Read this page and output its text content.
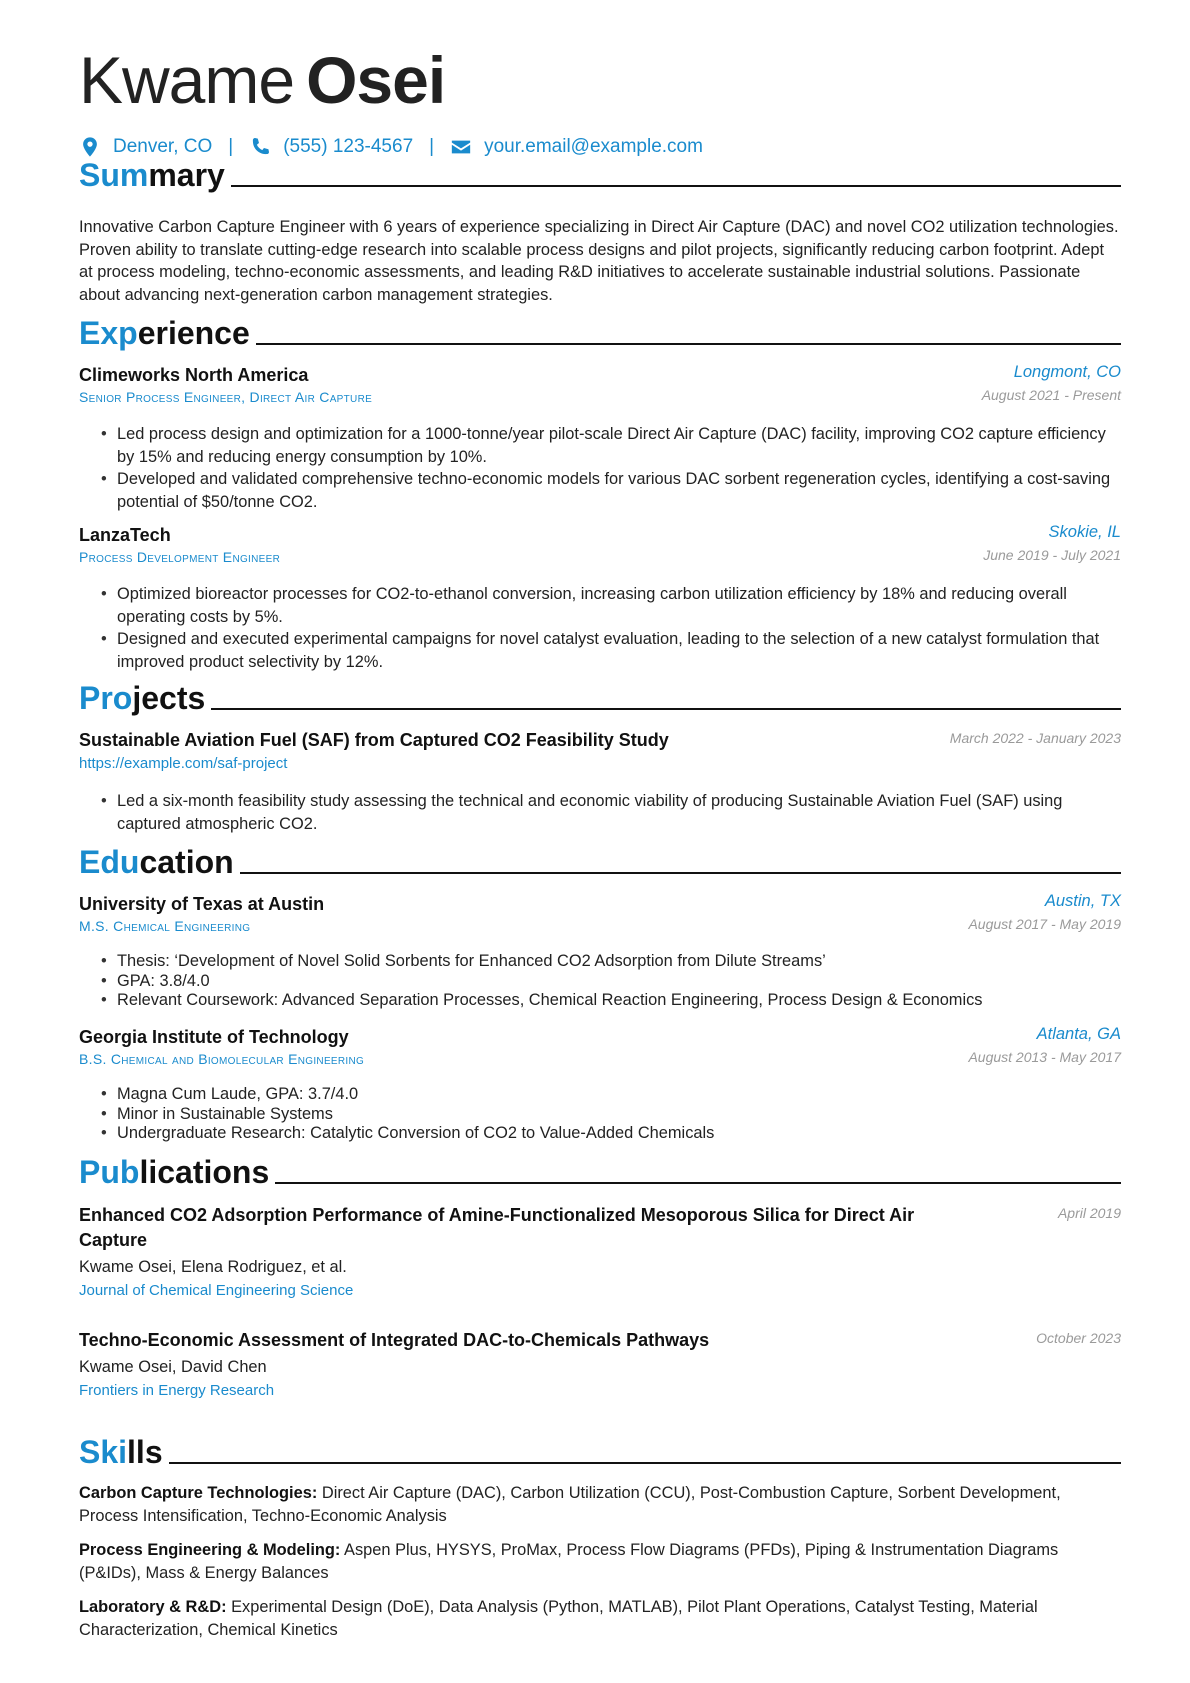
Kwame Osei
Denver, CO |	(555) 123-4567 |	your.email@example.com
Summary
Innovative Carbon Capture Engineer with 6 years of experience specializing in Direct Air Capture (DAC) and novel CO2 utilization technologies. Proven ability to translate cutting-edge research into scalable process designs and pilot projects, significantly reducing carbon footprint. Adept at process modeling, techno-economic assessments, and leading R&D initiatives to accelerate sustainable industrial solutions. Passionate about advancing next-generation carbon management strategies.
Experience
Climeworks North America	Longmont, CO
Senior Process Engineer, Direct Air Capture	August 2021 - Present
• Led process design and optimization for a 1000-tonne/year pilot-scale Direct Air Capture (DAC) facility, improving CO2 capture efficiency by 15% and reducing energy consumption by 10%.
• Developed and validated comprehensive techno-economic models for various DAC sorbent regeneration cycles, identifying a cost-saving potential of $50/tonne CO2.
LanzaTech	Skokie, IL
Process Development Engineer	June 2019 - July 2021
• Optimized bioreactor processes for CO2-to-ethanol conversion, increasing carbon utilization efficiency by 18% and reducing overall operating costs by 5%.
• Designed and executed experimental campaigns for novel catalyst evaluation, leading to the selection of a new catalyst formulation that improved product selectivity by 12%.
Projects
Sustainable Aviation Fuel (SAF) from Captured CO2 Feasibility Study	March 2022 - January 2023
https://example.com/saf-project
• Led a six-month feasibility study assessing the technical and economic viability of producing Sustainable Aviation Fuel (SAF) using captured atmospheric CO2.
Education
University of Texas at Austin	Austin, TX
M.S. Chemical Engineering	August 2017 - May 2019
• Thesis: ‘Development of Novel Solid Sorbents for Enhanced CO2 Adsorption from Dilute Streams’
• GPA: 3.8/4.0
• Relevant Coursework: Advanced Separation Processes, Chemical Reaction Engineering, Process Design & Economics
Georgia Institute of Technology	Atlanta, GA
B.S. Chemical and Biomolecular Engineering	August 2013 - May 2017
• Magna Cum Laude, GPA: 3.7/4.0
• Minor in Sustainable Systems
• Undergraduate Research: Catalytic Conversion of CO2 to Value-Added Chemicals
Publications
Enhanced CO2 Adsorption Performance of Amine-Functionalized Mesoporous Silica for Direct Air Capture
April 2019
Kwame Osei, Elena Rodriguez, et al.
Journal of Chemical Engineering Science
Techno-Economic Assessment of Integrated DAC-to-Chemicals Pathways	October 2023
Kwame Osei, David Chen
Frontiers in Energy Research
Skills
Carbon Capture Technologies: Direct Air Capture (DAC), Carbon Utilization (CCU), Post-Combustion Capture, Sorbent Development, Process Intensification, Techno-Economic Analysis
Process Engineering & Modeling: Aspen Plus, HYSYS, ProMax, Process Flow Diagrams (PFDs), Piping & Instrumentation Diagrams (P&IDs), Mass & Energy Balances
Laboratory & R&D: Experimental Design (DoE), Data Analysis (Python, MATLAB), Pilot Plant Operations, Catalyst Testing, Material Characterization, Chemical Kinetics
